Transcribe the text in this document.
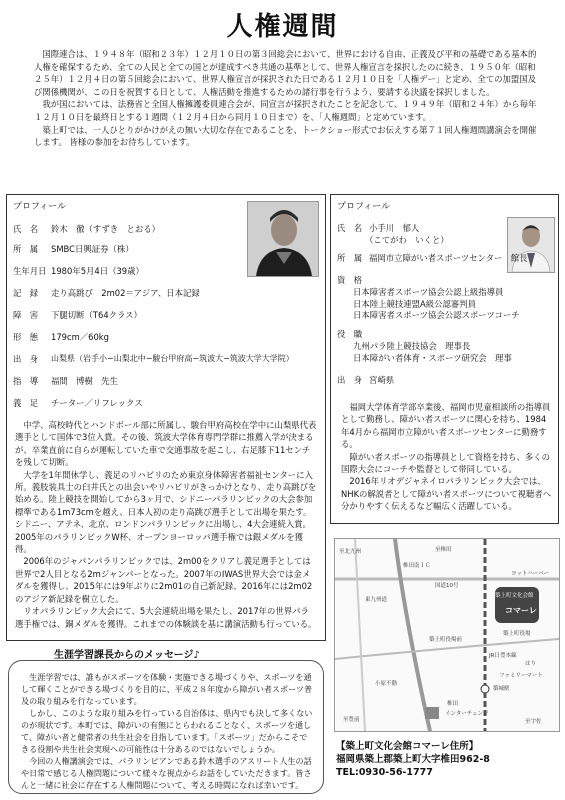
人権週間

国際連合は、１９４８年（昭和２３年）１２月１０日の第３回総会において、世界における自由、正義及び平和の基礎である基本的人権を確保するため、全ての人民と全ての国とが達成すべき共通の基準として、世界人権宣言を採択したのに続き、１９５０年（昭和２５年）１２月４日の第５回総会において、世界人権宣言が採択された日である１２月１０日を「人権デー」と定め、全ての加盟国及び関係機関が、この日を祝賀する日として、人権活動を推進するための諸行事を行うよう、要請する決議を採択しました。

我が国においては、法務省と全国人権擁護委員連合会が、同宣言が採択されたことを記念して、１９４９年（昭和２４年）から毎年１２月１０日を最終日とする１週間（１２月４日から同月１０日まで）を、「人権週間」と定めています。

築上町では、一人ひとりがかけがえの無い大切な存在であることを、トークショー形式でお伝えする第７１回人権週間講演会を開催します。 皆様の参加をお待ちしています。

プロフィール
氏　名	鈴木　徹（すずき　とおる）
所　属	SMBC日興証券（株）
生年月日 1980年5月4日（39歳）
記　録	走り高跳び　2m02＝アジア、日本記録
障　害	下腿切断（T64クラス）
形　態	179cm／60kg
出　身	山梨県（岩手小−山梨北中−駿台甲府高−筑波大−筑波大学大学院）
指　導	福間　博樹　先生
義　足	チーター／リフレックス

中学、高校時代とハンドボール部に所属し、駿台甲府高校在学中に山梨県代表選手として国体で3位入賞。その後、筑波大学体育専門学群に推薦入学が決まるが、卒業直前に自らが運転していた車で交通事故を起こし、右足膝下11センチを残して切断。

大学を1年間休学し、義足のリハビリのため東京身体障害者福祉センターに入所。義肢装具士の臼井氏との出会いやリハビリがきっかけとなり、走り高跳びを始める。陸上競技を開始してから3ヶ月で、シドニーパラリンピックの大会参加標準である1m73cmを越え、日本人初の走り高跳び選手として出場を果たす。シドニー、アテネ、北京、ロンドンパラリンピックに出場し、4大会連続入賞。2005年のパラリンピックW杯、オープンヨーロッパ選手権では銀メダルを獲得。

2006年のジャパンパラリンピックでは、2m00をクリアし義足選手としては世界で2人目となる2mジャンパーとなった。2007年のIWAS世界大会では金メダルを獲得し、2015年には9年ぶりに2m01の自己新記録、2016年には2m02のアジア新記録を樹立した。

リオパラリンピック大会にて、5大会連続出場を果たし、2017年の世界パラ選手権では、銅メダルを獲得。これまでの体験談を基に講演活動も行っている。

プロフィール
氏　名 小手川　郁人
（こてがわ　いくと）
所　属 福岡市立障がい者スポーツセンター　館長
資　格
日本障害者スポーツ協会公認上級指導員
日本陸上競技連盟A級公認審判員
日本障害者スポーツ協会公認スポーツコーチ
役　職
九州パラ陸上競技協会　理事長
日本障がい者体育・スポーツ研究会　理事
出　身 宮崎県

福岡大学体育学部卒業後、福岡市児童相談所の指導員として勤務し、障がい者スポーツに関心を持ち、1984年4月から福岡市立障がい者スポーツセンターに勤務する。

障がい者スポーツの指導員として資格を持ち、多くの国際大会にコーチや監督として帯同している。

2016年リオデジャネイロパラリンピック大会では、NHKの解説者として障がい者スポーツについて視聴者へ分かりやすく伝えるなど幅広く活躍している。

生涯学習課長からのメッセージ♪

生涯学習では、誰もがスポーツを体験・実施できる場づくりや、スポーツを通して輝くことができる場づくりを目的に、平成２８年度から障がい者スポーツ普及の取り組みを行なっています。

しかし、このような取り組みを行っている自治体は、県内でも決して多くないのが現状です。本町では、障がいの有無にとらわれることなく、スポーツを通して、障がい者と健常者の共生社会を目指しています。「スポーツ」だからこそできる役割や共生社会実現への可能性は十分あるのではないでしょうか。

今回の人権講演会では、パラリンピアンである鈴木選手のアスリート人生の話や日常で感じる人権問題について様々な視点からお話をしていただきます。皆さんと一緒に社会に存在する人権問題について、考える時間になれば幸いです。

至椎田
築上町文化会館
コマーレ
至北九州
椎田南ＩＣ
東九州道
国道10号
築上町役場
JR日豊本線
ヨットハーバー
築城駅
小原不動
椎田
インターチェンジ
至豊前
はり
ファミリーマート
築上町役場前
至宇佐
【築上町文化会館コマーレ住所】
福岡県築上郡築上町大字椎田962-8
TEL:0930-56-1777
